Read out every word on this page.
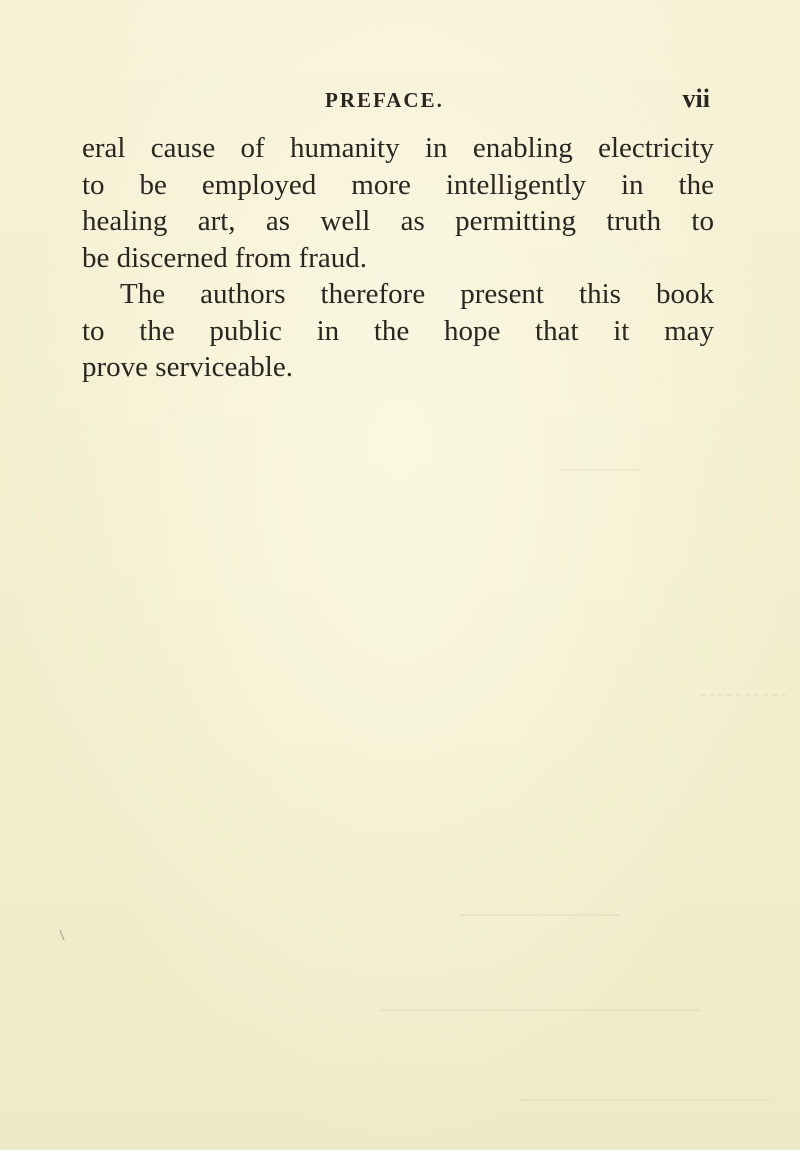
PREFACE.	vii
eral cause of humanity in enabling electricity
to be employed more intelligently in the
healing art, as well as permitting truth to
be discerned from fraud.
The authors therefore present this book
to the public in the hope that it may
prove serviceable.
